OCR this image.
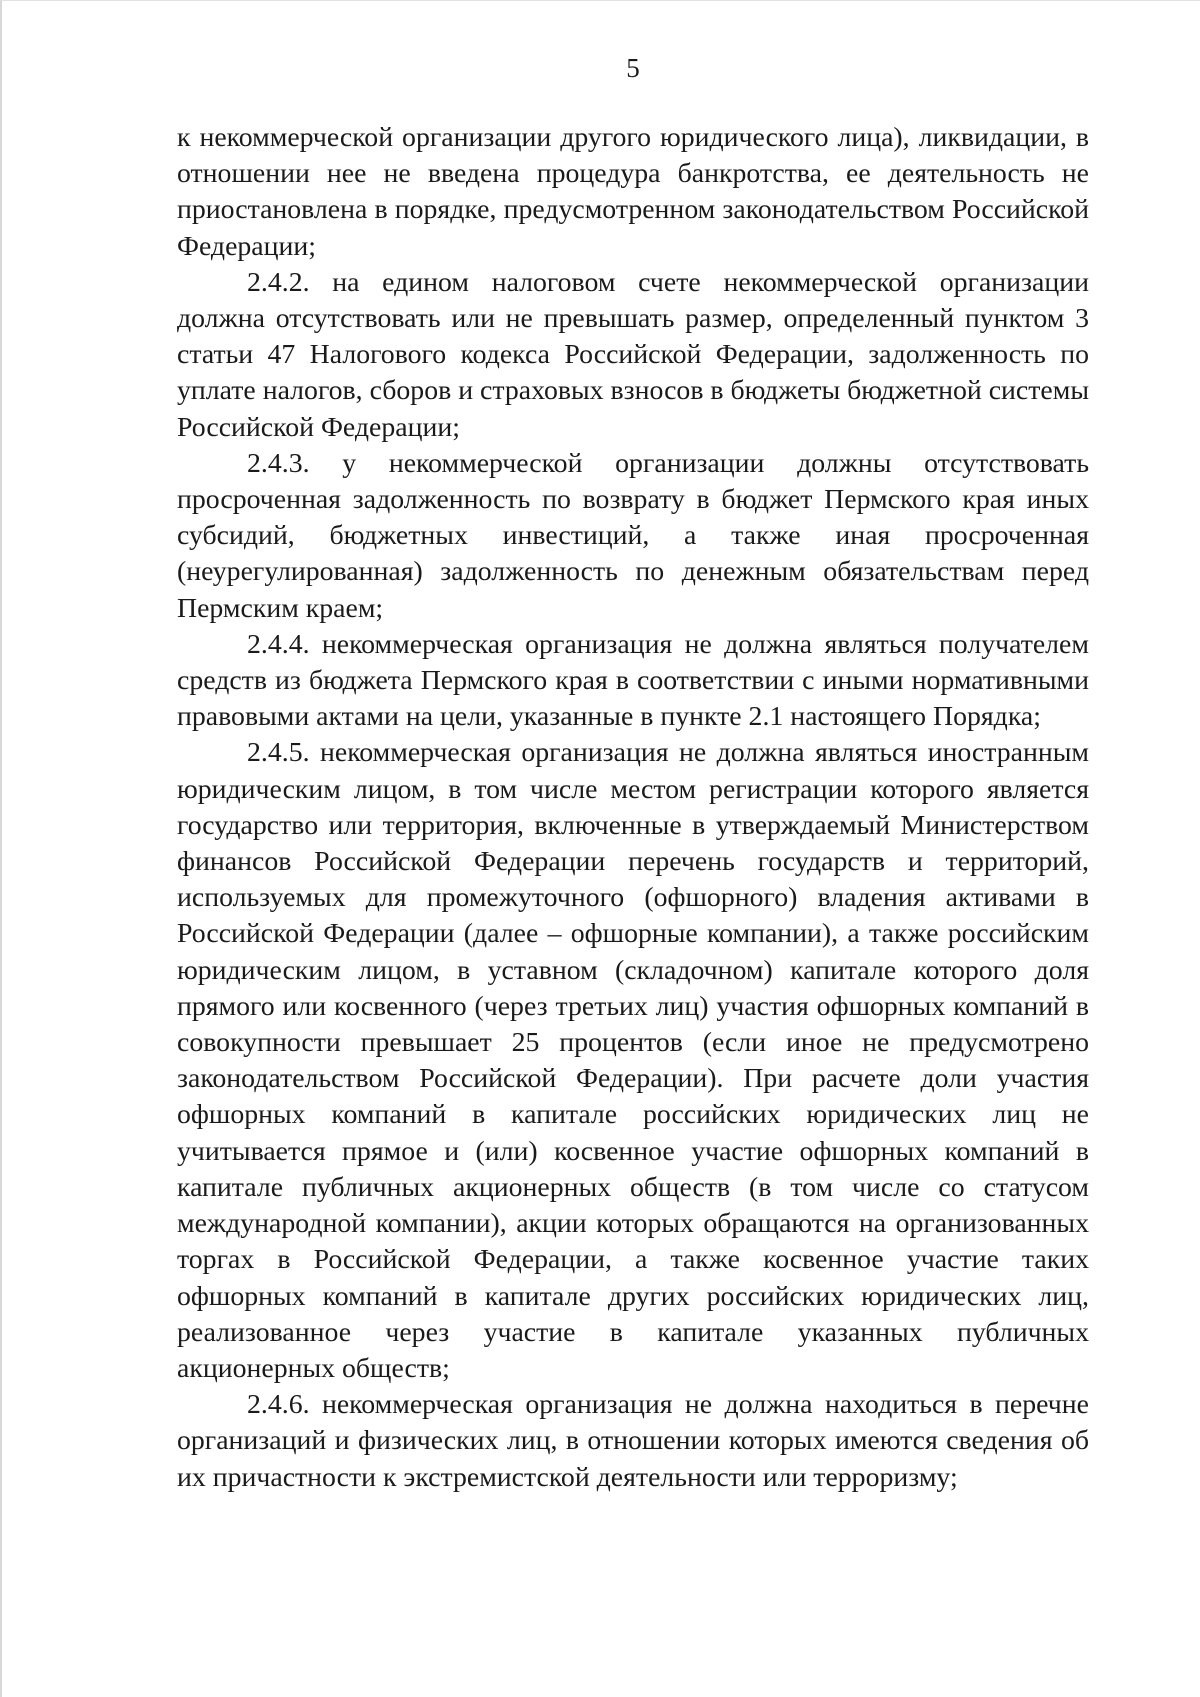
5

к некоммерческой организации другого юридического лица), ликвидации, в отношении нее не введена процедура банкротства, ее деятельность не приостановлена в порядке, предусмотренном законодательством Российской Федерации;

2.4.2. на едином налоговом счете некоммерческой организации должна отсутствовать или не превышать размер, определенный пунктом 3 статьи 47 Налогового кодекса Российской Федерации, задолженность по уплате налогов, сборов и страховых взносов в бюджеты бюджетной системы Российской Федерации;

2.4.3. у некоммерческой организации должны отсутствовать просроченная задолженность по возврату в бюджет Пермского края иных субсидий, бюджетных инвестиций, а также иная просроченная (неурегулированная) задолженность по денежным обязательствам перед Пермским краем;

2.4.4. некоммерческая организация не должна являться получателем средств из бюджета Пермского края в соответствии с иными нормативными правовыми актами на цели, указанные в пункте 2.1 настоящего Порядка;

2.4.5. некоммерческая организация не должна являться иностранным юридическим лицом, в том числе местом регистрации которого является государство или территория, включенные в утверждаемый Министерством финансов Российской Федерации перечень государств и территорий, используемых для промежуточного (офшорного) владения активами в Российской Федерации (далее – офшорные компании), а также российским юридическим лицом, в уставном (складочном) капитале которого доля прямого или косвенного (через третьих лиц) участия офшорных компаний в совокупности превышает 25 процентов (если иное не предусмотрено законодательством Российской Федерации). При расчете доли участия офшорных компаний в капитале российских юридических лиц не учитывается прямое и (или) косвенное участие офшорных компаний в капитале публичных акционерных обществ (в том числе со статусом международной компании), акции которых обращаются на организованных торгах в Российской Федерации, а также косвенное участие таких офшорных компаний в капитале других российских юридических лиц, реализованное через участие в капитале указанных публичных акционерных обществ;

2.4.6. некоммерческая организация не должна находиться в перечне организаций и физических лиц, в отношении которых имеются сведения об их причастности к экстремистской деятельности или терроризму;
